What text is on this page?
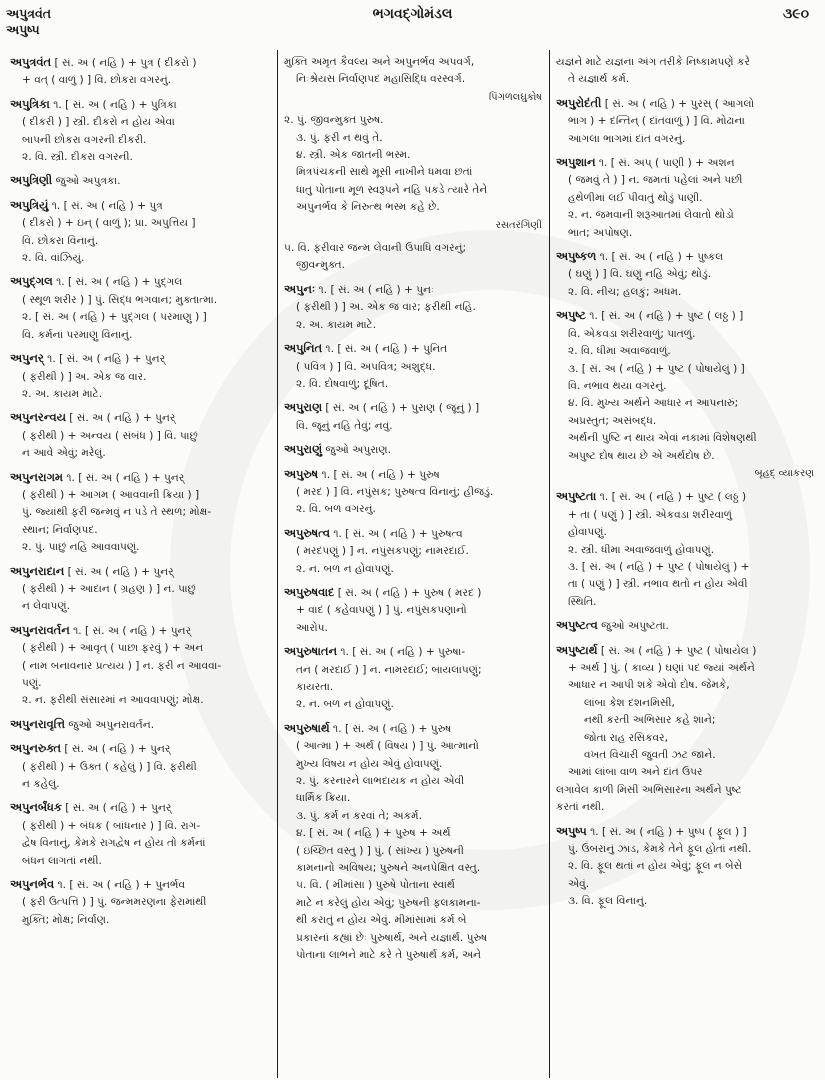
અપુત્રવંત
અપુષ્પ
ભગવદ્ગોમંડલ	૩૯૦
અપુત્રવંત [ સં. અ ( નહિ ) + પુત્ર ( દીકરો )
+ વત્ ( વાળું ) ] વિ. છોકરા વગરનું.
અપુત્રિકા ૧. [ સં. અ ( નહિ ) + પુત્રિકા
( દીકરી ) ] સ્ત્રી. દીકરો ન હોય એવા
બાપની છોકરા વગરની દીકરી.
૨. વિ. સ્ત્રી. દીકરા વગરની.
અપુત્રિણી જુઓ અપુત્રકા.
અપુત્રિયું ૧. [ સં. અ ( નહિ ) + પુત્ર
( દીકરો ) + ઇન્ ( વાળું ); પ્રા. અપુત્તિય ]
વિ. છોકરા વિનાનું.
૨. વિ. વાંઝિયું.
અપુદ્ગલ ૧. [ સં. અ ( નહિ ) + પુદ્ગલ
( સ્થૂળ શરીર ) ] પું. સિદ્ધ ભગવાન; મુક્તાત્મા.
૨. [ સં. અ ( નહિ ) + પુદ્ગલ ( પરમાણુ ) ]
વિ. કર્મનાં પરમાણુ વિનાનું.
અપુનર્ ૧. [ સં. અ ( નહિ ) + પુનર્
( ફરીથી ) ] અ. એક જ વાર.
૨. અ. કાયમ માટે.
અપુનરન્વય [ સં. અ ( નહિ ) + પુનર્
( ફરીથી ) + અન્વય ( સંબંધ ) ] વિ. પાછું
ન આવે એવું; મરેલું.
અપુનરાગમ ૧. [ સં. અ ( નહિ ) + પુનર્
( ફરીથી ) + આગમ ( આવવાની ક્રિયા ) ]
પું. જ્યાંથી ફરી જન્મવું ન પડે તે સ્થળ; મોક્ષ-
સ્થાન; નિર્વાણપદ.
૨. પું. પાછું નહિ આવવાપણું.
અપુનરાદાન [ સં. અ ( નહિ ) + પુનર્
( ફરીથી ) + આદાન ( ગ્રહણ ) ] ન. પાછું
ન લેવાપણું.
અપુનરાવર્તન ૧. [ સં. અ ( નહિ ) + પુનર્
( ફરીથી ) + આવૃત્ ( પાછા ફરવું ) + અન
( નામ બનાવનાર પ્રત્યય ) ] ન. ફરી ન આવવા-
પણું.
૨. ન. ફરીથી સંસારમાં ન આવવાપણું; મોક્ષ.
અપુનરાવૃત્તિ જુઓ અપુનરાવર્તન.
અપુનરુક્ત [ સં. અ ( નહિ ) + પુનર્
( ફરીથી ) + ઉક્ત ( કહેલું ) ] વિ. ફરીથી
ન કહેલું.
અપુનર્બંધક [ સં. અ ( નહિ ) + પુનર્
( ફરીથી ) + બંધક ( બાંધનાર ) ] વિ. રાગ-
દ્વેષ વિનાનું, કેમકે રાગદ્વેષ ન હોય તો કર્મનાં
બંધન લાગતાં નથી.
અપુનર્ભવ ૧. [ સં. અ ( નહિ ) + પુનર્ભવ
( ફરી ઉત્પત્તિ ) ] પું. જન્મમરણના ફેરામાંથી
મુક્તિ; મોક્ષ; નિર્વાણ.
મુક્તિ અમૃત કૈવલ્ય અને અપુનર્ભવ અપવર્ગ,
નિઃશ્રેયસ નિર્વાણપદ મહાસિદ્ધિ વરસ્વર્ગ.
પિંગળલઘુકોષ
૨. પું. જીવન્મુક્ત પુરુષ.
૩. પું. ફરી ન થવું તે.
૪. સ્ત્રી. એક જાતની ભસ્મ.
મિત્રપંચકની સાથે મૂસી નાખીને ધમવા છતાં
ધાતુ પોતાના મૂળ સ્વરૂપને નહિ પકડે ત્યારે તેને
અપુનર્ભવ કે નિરુત્થ ભસ્મ કહે છે.
રસતરંગિણી
૫. વિ. ફરીવાર જન્મ લેવાની ઉપાધિ વગરનું;
જીવન્મુક્ત.
અપુનઃ ૧. [ સં. અ ( નહિ ) + પુનઃ
( ફરીથી ) ] અ. એક જ વાર; ફરીથી નહિ.
૨. અ. કાયમ માટે.
અપુનિત ૧. [ સં. અ ( નહિ ) + પુનિત
( પવિત્ર ) ] વિ. અપવિત્ર; અશુદ્ધ.
૨. વિ. દોષવાળું; દૂષિત.
અપુરાણ [ સં. અ ( નહિ ) + પુરાણ ( જૂનું ) ]
વિ. જૂનું નહિ તેવું; નવું.
અપુરાણું જુઓ અપુરાણ.
અપુરુષ ૧. [ સં. અ ( નહિ ) + પુરુષ
( મરદ ) ] વિ. નપુંસક; પુરુષત્વ વિનાનું; હીજડું.
૨. વિ. બળ વગરનું.
અપુરુષત્વ ૧. [ સં. અ ( નહિ ) + પુરુષત્વ
( મરદપણું ) ] ન. નપુંસકપણું; નામરદાઈ.
૨. ન. બળ ન હોવાપણું.
અપુરુષવાદ [ સં. અ ( નહિ ) + પુરુષ ( મરદ )
+ વાદ ( કહેવાપણું ) ] પું. નપુંસકપણાનો
આરોપ.
અપુરુષાતન ૧. [ સં. અ ( નહિ ) + પુરુષા-
તન ( મરદાઈ ) ] ન. નામરદાઈ; બાયલાપણું;
કાયરતા.
૨. ન. બળ ન હોવાપણું.
અપુરુષાર્થ ૧. [ સં. અ ( નહિ ) + પુરુષ
( આત્મા ) + અર્થ ( વિષય ) ] પું. આત્માનો
મુખ્ય વિષય ન હોય એવું હોવાપણું.
૨. પું. કરનારને લાભદાયક ન હોય એવી
ધાર્મિક ક્રિયા.
૩. પું. કર્મ ન કરવાં તે; અકર્મ.
૪. [ સં. અ ( નહિ ) + પુરુષ + અર્થ
( ઇચ્છિત વસ્તુ ) ] પું. ( સાંખ્ય ) પુરુષની
કામનાનો અવિષય; પુરુષને અનપેક્ષિત વસ્તુ.
૫. વિ. ( મીમાંસા ) પુરુષે પોતાના સ્વાર્થ
માટે ન કરેલું હોય એવું; પુરુષની ફલકામના-
થી કરાતું ન હોય એવું. મીમાંસામાં કર્મ બે
પ્રકારનાં કહ્યાં છેઃ પુરુષાર્થ, અને યજ્ઞાર્થ. પુરુષ
પોતાના લાભને માટે કરે તે પુરુષાર્થ કર્મ, અને
યજ્ઞને માટે યજ્ઞના અંગ તરીકે નિષ્કામપણે કરે
તે યજ્ઞાર્થ કર્મ.
અપુરોદંતી [ સં. અ ( નહિ ) + પુરસ્ ( આગલો
ભાગ ) + દન્તિન્ ( દાંતવાળું ) ] વિ. મોઢાના
આગલા ભાગમાં દાંત વગરનું.
અપુશાન ૧. [ સં. અપ્ ( પાણી ) + અશન
( જમવું તે ) ] ન. જમતાં પહેલાં અને પછી
હથેળીમાં લઈ પીવાતું થોડું પાણી.
૨. ન. જમવાની શરૂઆતમાં લેવાતો થોડો
ભાત; અપોષણ.
અપુષ્કળ ૧. [ સં. અ ( નહિ ) + પુષ્કલ
( ઘણું ) ] વિ. ઘણું નહિ એવું; થોડું.
૨. વિ. નીચ; હલકું; અધમ.
અપુષ્ટ ૧. [ સં. અ ( નહિ ) + પુષ્ટ ( લઠ્ઠ ) ]
વિ. એકવડા શરીરવાળું; પાતળું.
૨. વિ. ધીમા અવાજવાળું.
૩. [ સં. અ ( નહિ ) + પુષ્ટ ( પોષાયેલું ) ]
વિ. નભાવ થયા વગરનું.
૪. વિ. મુખ્ય અર્થને આધાર ન આપનારું;
અપ્રસ્તુત; અસંબદ્ધ.
અર્થની પુષ્ટિ ન થાય એવાં નકામાં વિશેષણથી
અપુષ્ટ દોષ થાય છે એ અર્થદોષ છે.
બૃહદ્ વ્યાકરણ
અપુષ્ટતા ૧. [ સં. અ ( નહિ ) + પુષ્ટ ( લઠ્ઠ )
+ તા ( પણું ) ] સ્ત્રી. એકવડા શરીરવાળું
હોવાપણું.
૨. સ્ત્રી. ધીમા અવાજવાળું હોવાપણું.
૩. [ સં. અ ( નહિ ) + પુષ્ટ ( પોષાયેલું ) +
તા ( પણું ) ] સ્ત્રી. નભાવ થતો ન હોય એવી
સ્થિતિ.
અપુષ્ટત્વ જુઓ અપુષ્ટતા.
અપુષ્ટાર્થ [ સં. અ ( નહિ ) + પુષ્ટ ( પોષાયેલ )
+ અર્થ ] પું. ( કાવ્ય ) ઘણાં પદ જ્યાં અર્થને
આધાર ન આપી શકે એવો દોષ. જેમકે,
લાંબા કેશ દશનમિસી,
નથી કરતી અભિસાર કહે શાને;
જોતા રાહ રસિકવર,
વખત વિચારી જુવતી ઝટ જાને.
આમાં લાંબા વાળ અને દાંત ઉપર
લગાવેલ કાળી મિસી અભિસારના અર્થને પુષ્ટ
કરતાં નથી.
અપુષ્પ ૧. [ સં. અ ( નહિ ) + પુષ્પ ( ફૂલ ) ]
પું. ઉંબરાનું ઝાડ, કેમકે તેને ફૂલ હોતાં નથી.
૨. વિ. ફૂલ થતાં ન હોય એવું; ફૂલ ન બેસે
એવું.
૩. વિ. ફૂલ વિનાનું.
